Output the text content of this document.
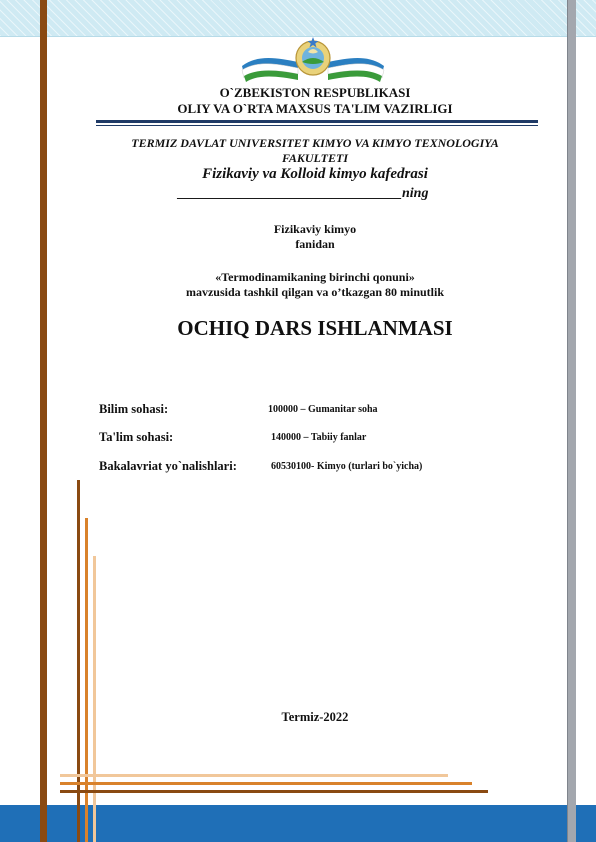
O`ZBEKISTON RESPUBLIKASI
OLIY VA O`RTA MAXSUS TA'LIM VAZIRLIGI
TERMIZ DAVLAT UNIVERSITET KIMYO VA KIMYO TEXNOLOGIYA
FAKULTETI
Fizikaviy va Kolloid kimyo kafedrasi
________________________________ning
Fizikaviy kimyo
fanidan
«Termodinamikaning birinchi qonuni»
mavzusida tashkil qilgan va o’tkazgan 80 minutlik
OCHIQ DARS ISHLANMASI
Bilim sohasi:	100000 – Gumanitar soha
Ta'lim sohasi:	140000 – Tabiiy fanlar
Bakalavriat yo`nalishlari:	60530100- Kimyo (turlari bo`yicha)
Termiz-2022
